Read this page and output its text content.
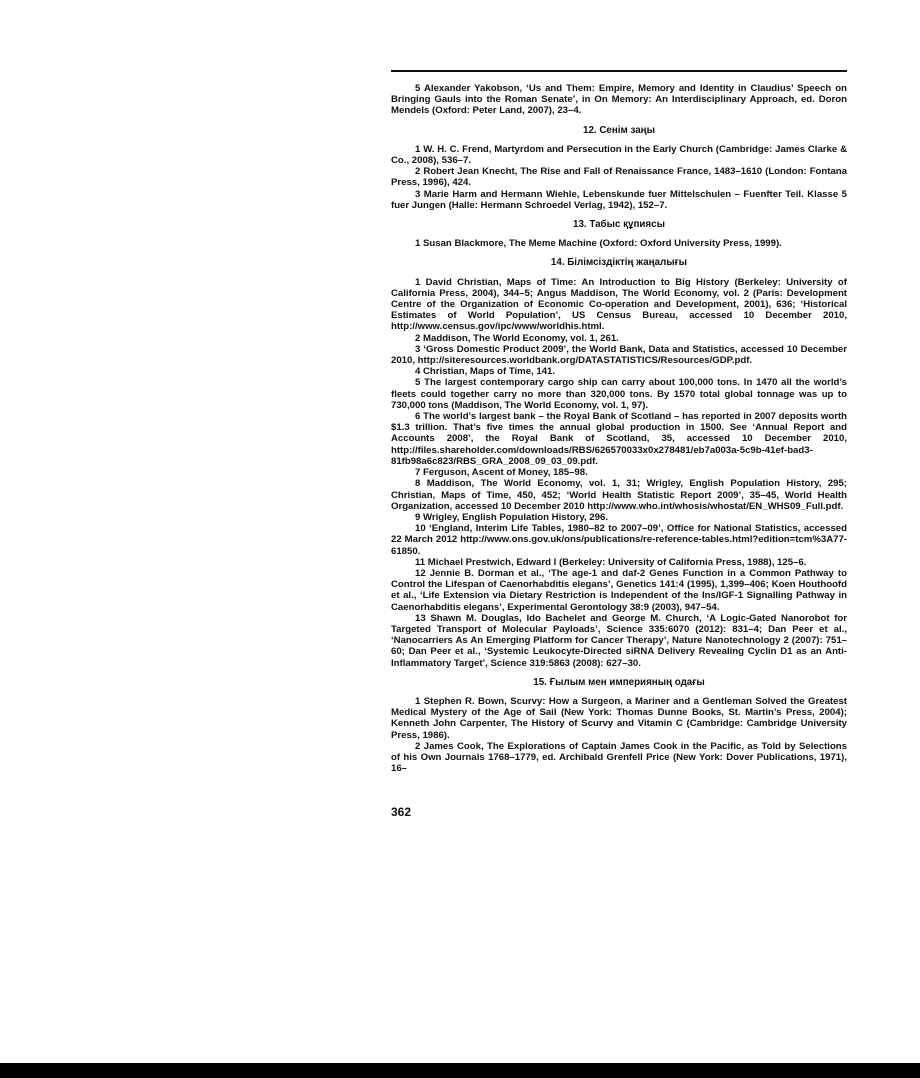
5 Alexander Yakobson, ‘Us and Them: Empire, Memory and Identity in Claudius’ Speech on Bringing Gauls into the Roman Senate’, in On Memory: An Interdisciplinary Approach, ed. Doron Mendels (Oxford: Peter Land, 2007), 23–4.

12. Сенім заңы

1 W. H. C. Frend, Martyrdom and Persecution in the Early Church (Cambridge: James Clarke & Co., 2008), 536–7.

2 Robert Jean Knecht, The Rise and Fall of Renaissance France, 1483–1610 (London: Fontana Press, 1996), 424.

3 Marie Harm and Hermann Wiehle, Lebenskunde fuer Mittelschulen – Fuenfter Teil. Klasse 5 fuer Jungen (Halle: Hermann Schroedel Verlag, 1942), 152–7.

13. Табыс құпиясы

1 Susan Blackmore, The Meme Machine (Oxford: Oxford University Press, 1999).

14. Білімсіздіктің жаңалығы

1 David Christian, Maps of Time: An Introduction to Big History (Berkeley: University of California Press, 2004), 344–5; Angus Maddison, The World Economy, vol. 2 (Paris: Development Centre of the Organization of Economic Co-operation and Development, 2001), 636; ‘Historical Estimates of World Population’, US Census Bureau, accessed 10 December 2010, http://www.census.gov/ipc/www/worldhis.html.

2 Maddison, The World Economy, vol. 1, 261.

3 ‘Gross Domestic Product 2009’, the World Bank, Data and Statistics, accessed 10 December 2010, http://siteresources.worldbank.org/DATASTATISTICS/Resources/GDP.pdf.

4 Christian, Maps of Time, 141.

5 The largest contemporary cargo ship can carry about 100,000 tons. In 1470 all the world’s fleets could together carry no more than 320,000 tons. By 1570 total global tonnage was up to 730,000 tons (Maddison, The World Economy, vol. 1, 97).

6 The world’s largest bank – the Royal Bank of Scotland – has reported in 2007 deposits worth $1.3 trillion. That’s five times the annual global production in 1500. See ‘Annual Report and Accounts 2008’, the Royal Bank of Scotland, 35, accessed 10 December 2010, http://files.shareholder.com/downloads/RBS/626570033x0x278481/eb7a003a-5c9b-41ef-bad3-81fb98a6c823/RBS_GRA_2008_09_03_09.pdf.

7 Ferguson, Ascent of Money, 185–98.

8 Maddison, The World Economy, vol. 1, 31; Wrigley, English Population History, 295; Christian, Maps of Time, 450, 452; ‘World Health Statistic Report 2009’, 35–45, World Health Organization, accessed 10 December 2010 http://www.who.int/whosis/whostat/EN_WHS09_Full.pdf.

9 Wrigley, English Population History, 296.

10 ‘England, Interim Life Tables, 1980–82 to 2007–09’, Office for National Statistics, accessed 22 March 2012 http://www.ons.gov.uk/ons/publications/re-reference-tables.html?edition=tcm%3A77-61850.

11 Michael Prestwich, Edward I (Berkeley: University of California Press, 1988), 125–6.

12 Jennie B. Dorman et al., ‘The age-1 and daf-2 Genes Function in a Common Pathway to Control the Lifespan of Caenorhabditis elegans’, Genetics 141:4 (1995), 1,399–406; Koen Houthoofd et al., ‘Life Extension via Dietary Restriction is Independent of the Ins/IGF-1 Signalling Pathway in Caenorhabditis elegans’, Experimental Gerontology 38:9 (2003), 947–54.

13 Shawn M. Douglas, Ido Bachelet and George M. Church, ‘A Logic-Gated Nanorobot for Targeted Transport of Molecular Payloads’, Science 335:6070 (2012): 831–4; Dan Peer et al., ‘Nanocarriers As An Emerging Platform for Cancer Therapy’, Nature Nanotechnology 2 (2007): 751–60; Dan Peer et al., ‘Systemic Leukocyte-Directed siRNA Delivery Revealing Cyclin D1 as an Anti-Inflammatory Target’, Science 319:5863 (2008): 627–30.

15. Ғылым мен империяның одағы

1 Stephen R. Bown, Scurvy: How a Surgeon, a Mariner and a Gentleman Solved the Greatest Medical Mystery of the Age of Sail (New York: Thomas Dunne Books, St. Martin’s Press, 2004); Kenneth John Carpenter, The History of Scurvy and Vitamin C (Cambridge: Cambridge University Press, 1986).

2 James Cook, The Explorations of Captain James Cook in the Pacific, as Told by Selections of his Own Journals 1768–1779, ed. Archibald Grenfell Price (New York: Dover Publications, 1971), 16–

362
